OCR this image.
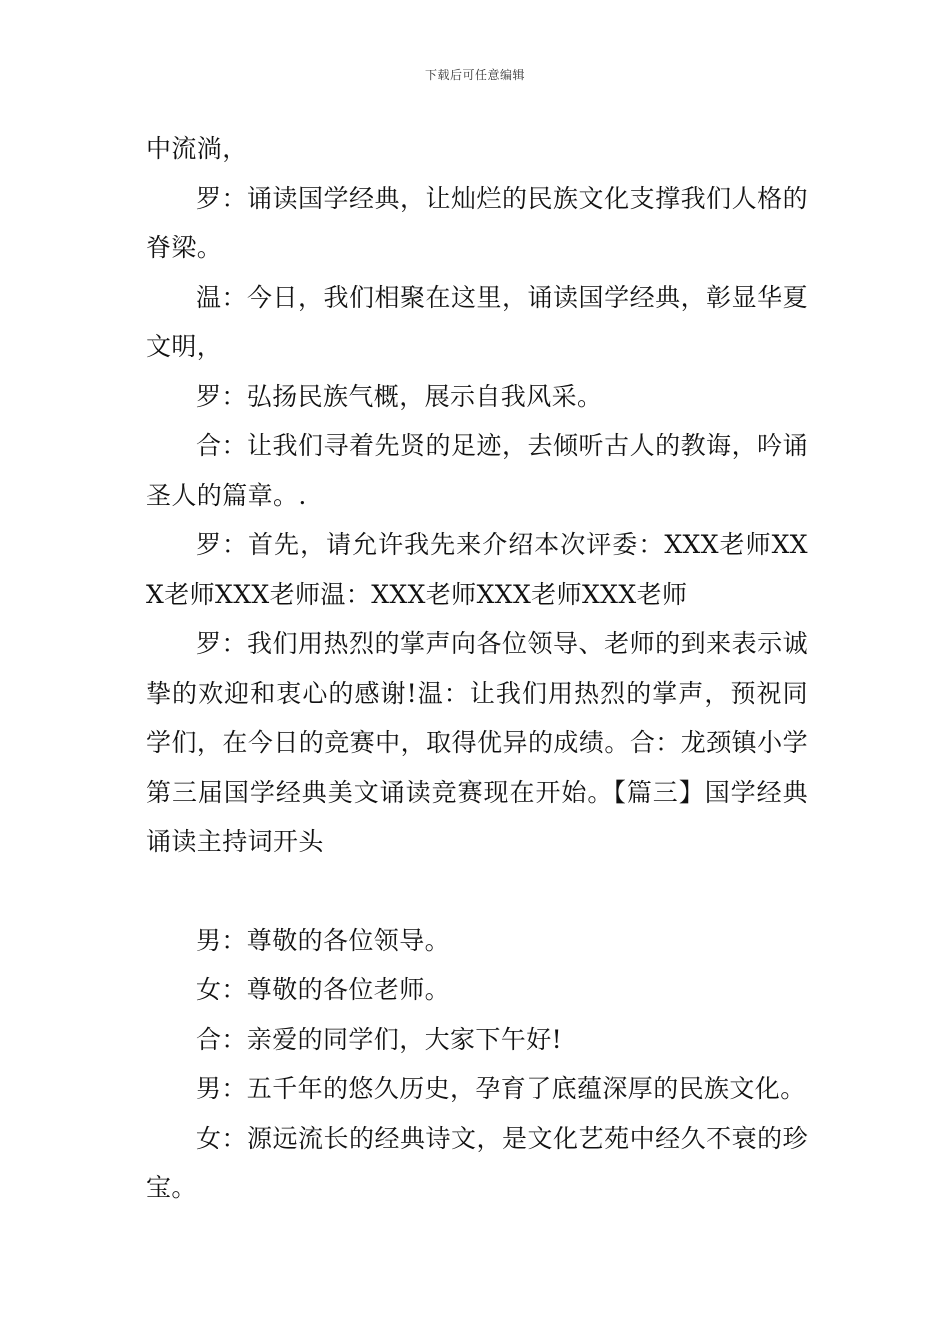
下载后可任意编辑

中流淌，

罗：诵读国学经典，让灿烂的民族文化支撑我们人格的脊梁。

温：今日，我们相聚在这里，诵读国学经典，彰显华夏文明，

罗：弘扬民族气概，展示自我风采。

合：让我们寻着先贤的足迹，去倾听古人的教诲，吟诵圣人的篇章。.

罗：首先，请允许我先来介绍本次评委：XXX老师XXX老师XXX老师温：XXX老师XXX老师XXX老师

罗：我们用热烈的掌声向各位领导、老师的到来表示诚挚的欢迎和衷心的感谢!温：让我们用热烈的掌声，预祝同学们，在今日的竞赛中，取得优异的成绩。合：龙颈镇小学第三届国学经典美文诵读竞赛现在开始。【篇三】国学经典诵读主持词开头

男：尊敬的各位领导。

女：尊敬的各位老师。

合：亲爱的同学们，大家下午好!

男：五千年的悠久历史，孕育了底蕴深厚的民族文化。

女：源远流长的经典诗文，是文化艺苑中经久不衰的珍宝。
